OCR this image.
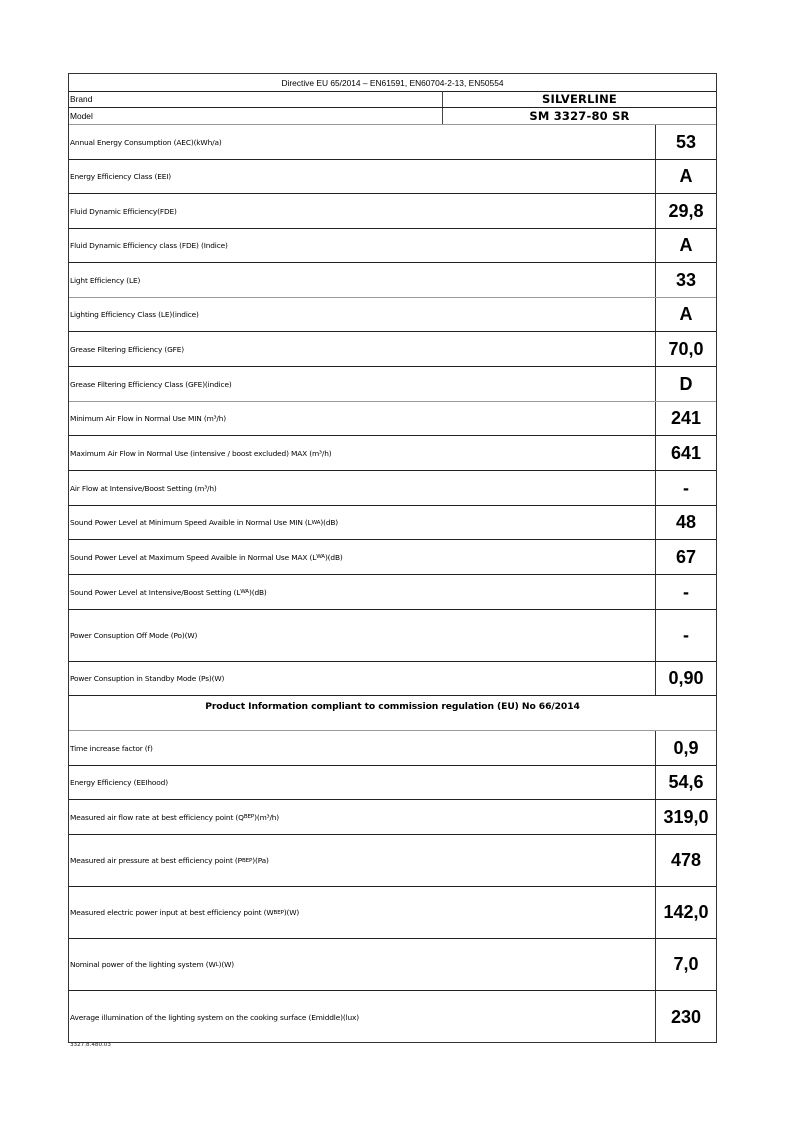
Directive EU 65/2014 – EN61591, EN60704-2-13, EN50554
Brand	SILVERLINE
Model	SM 3327-80 SR
Annual Energy Consumption (AEC)(kWh/a)	53
Energy Efficiency Class (EEI)	A
Fluid Dynamic Efficiency(FDE)	29,8
Fluid Dynamic Efficiency class (FDE) (Indice)	A
Light Efficiency (LE)	33
Lighting Efficiency Class (LE)(indice)	A
Grease Filtering Efficiency (GFE)	70,0
Grease Filtering Efficiency Class (GFE)(indice)	D
Minimum Air Flow in Normal Use MIN (m³/h)	241
Maximum Air Flow in Normal Use (intensive / boost excluded) MAX (m³/h)	641
Air Flow at Intensive/Boost Setting (m³/h)	-
Sound Power Level at Minimum Speed Avaible in Normal Use MIN (L WA )(dB)	48
Sound Power Level at Maximum Speed Avaible in Normal Use MAX (L WA )(dB)	67
Sound Power Level at Intensive/Boost Setting (L WA )(dB)	-
Power Consuption Off Mode (Po)(W)	-
Power Consuption in Standby Mode (Ps)(W)	0,90
Product Information compliant to commission regulation (EU) No 66/2014
Time increase factor (f)	0,9
Energy Efficiency (EEIhood)	54,6
Measured air flow rate at best efficiency point (Q BEP )(m³/h)	319,0
Measured air pressure at best efficiency point (P BEP )(Pa)	478
Measured electric power input at best efficiency point (W BEP )(W)	142,0
Nominal power of the lighting system (W L )(W)	7,0
Average illumination of the lighting system on the cooking surface (Emiddle)(lux)	230
3327.8.480.03
